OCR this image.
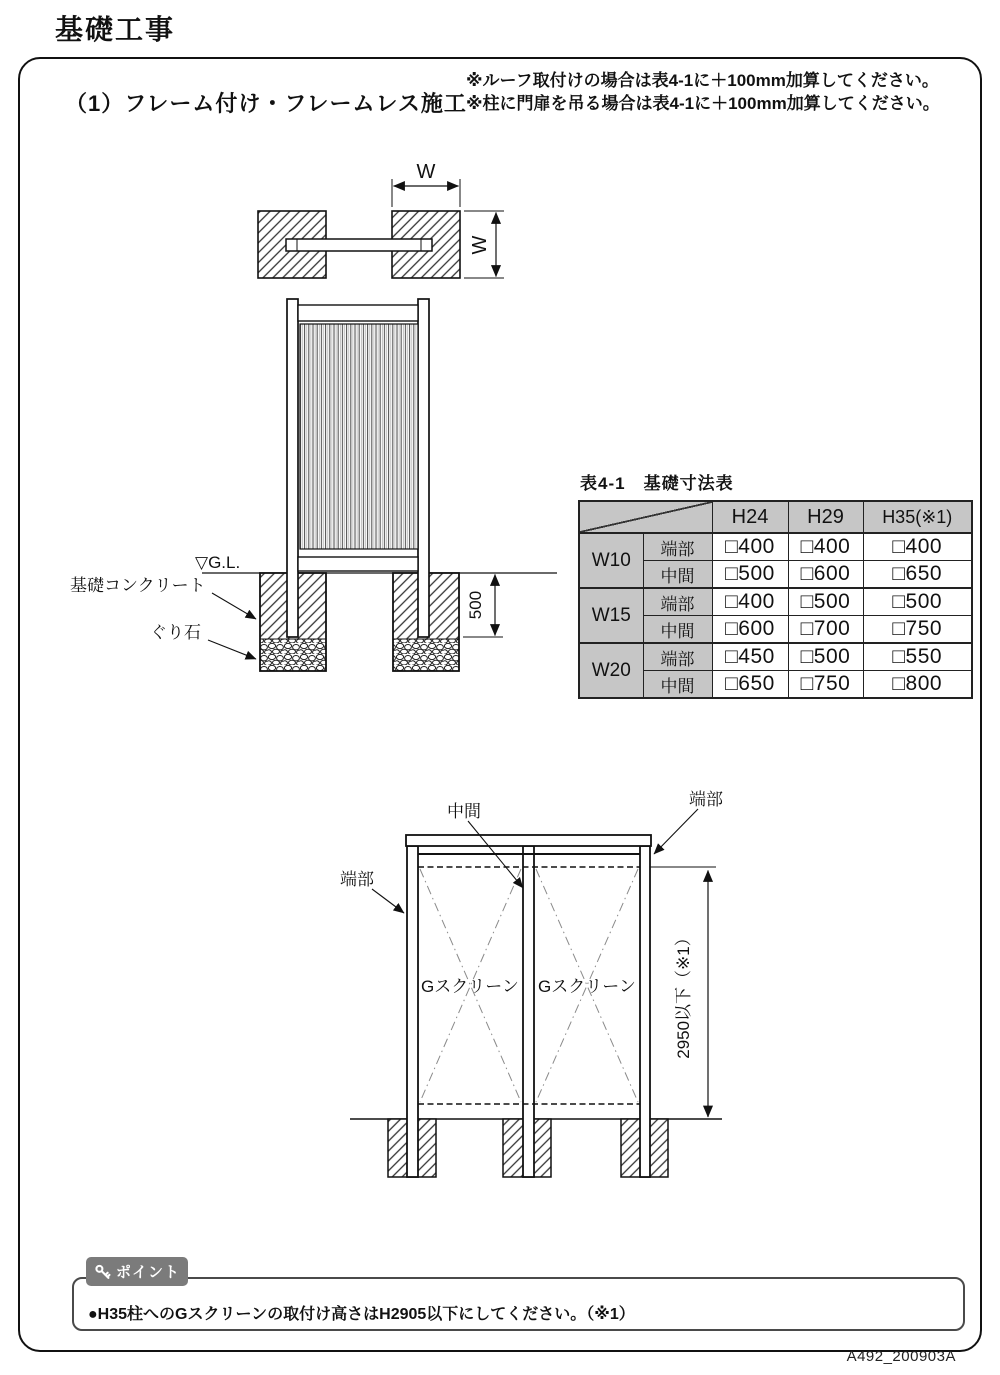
基礎工事
（1）フレーム付け・フレームレス施工
※ルーフ取付けの場合は表4-1に＋100mm加算してください。
※柱に門扉を吊る場合は表4-1に＋100mm加算してください。
W
W
▽G.L.
基礎コンクリート
ぐり石
500
表4-1　基礎寸法表
		H24	H29	H35(※1)
W10	端部	□400	□400	□400
	中間	□500	□600	□650
W15	端部	□400	□500	□500
	中間	□600	□700	□750
W20	端部	□450	□500	□550
	中間	□650	□750	□800
中間
端部
端部
Gスクリーン Gスクリーン 2950以下（※1）
ポイント
●H35柱へのGスクリーンの取付け高さはH2905以下にしてください。（※1）
A492_200903A
